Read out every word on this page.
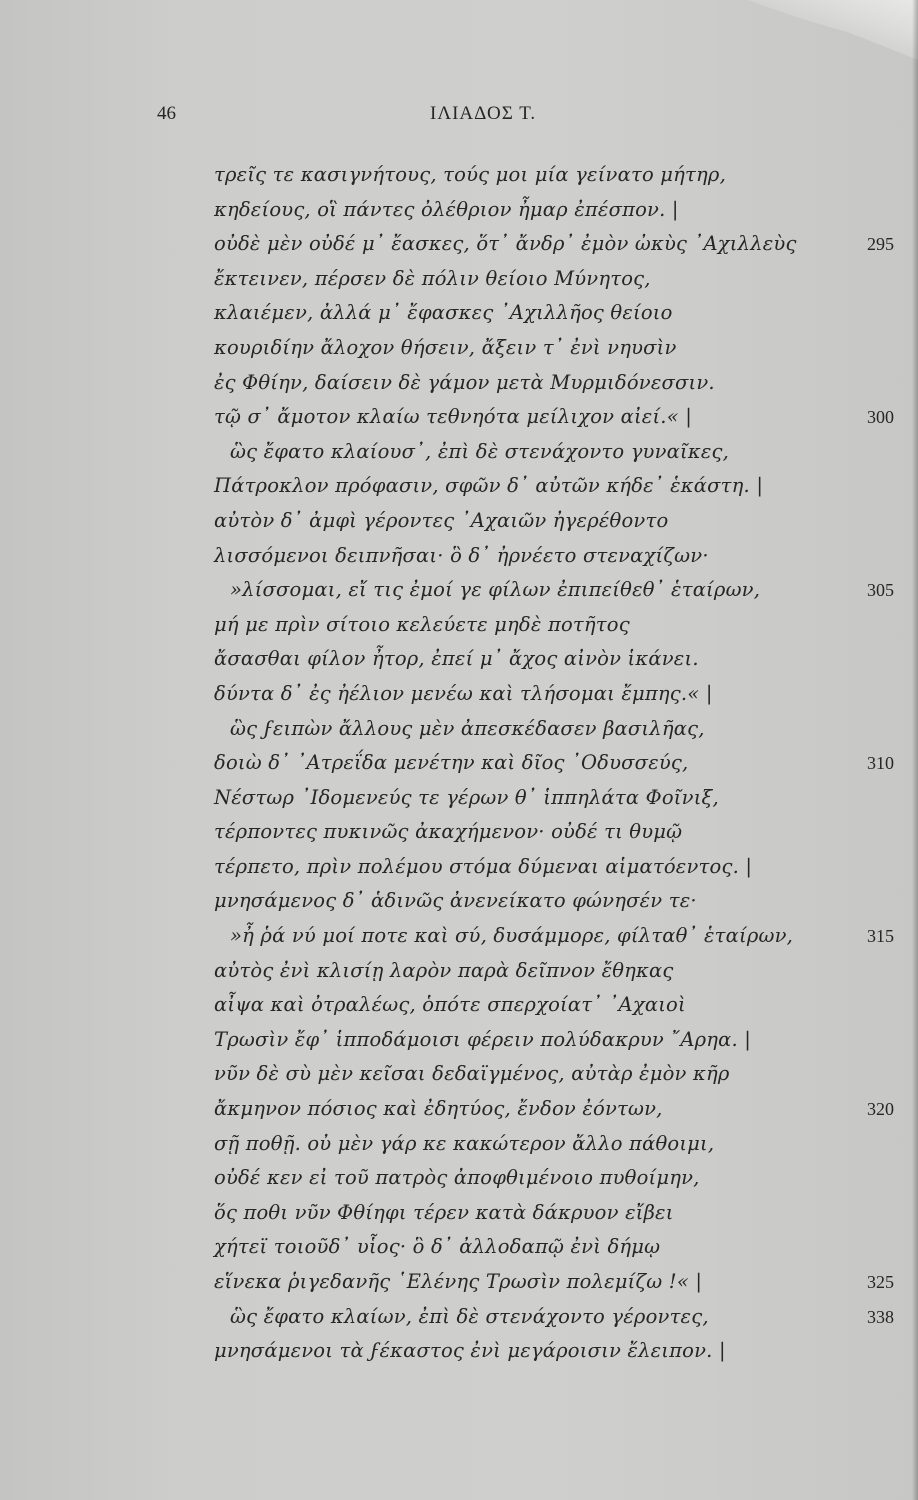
46	ΙΛΙΑΔΟΣ Τ.
τρεῖς τε κασιγνήτους, τούς μοι μία γείνατο μήτηρ,
κηδείους, οἳ πάντες ὀλέθριον ἦμαρ ἐπέσπον. |
οὐδὲ μὲν οὐδέ μ᾽ ἔασκες, ὅτ᾽ ἄνδρ᾽ ἐμὸν ὠκὺς ᾿Αχιλλεὺς	295
ἔκτεινεν, πέρσεν δὲ πόλιν θείοιο Μύνητος,
κλαιέμεν, ἀλλά μ᾽ ἔφασκες ᾿Αχιλλῆος θείοιο
κουριδίην ἄλοχον θήσειν, ἄξειν τ᾽ ἐνὶ νηυσὶν
ἐς Φθίην, δαίσειν δὲ γάμον μετὰ Μυρμιδόνεσσιν.
τῷ σ᾽ ἄμοτον κλαίω τεθνηότα μείλιχον αἰεί.« |	300
ὣς ἔφατο κλαίουσ᾽, ἐπὶ δὲ στενάχοντο γυναῖκες,
Πάτροκλον πρόφασιν, σφῶν δ᾽ αὐτῶν κήδε᾽ ἑκάστη. |
αὐτὸν δ᾽ ἀμφὶ γέροντες ᾿Αχαιῶν ἠγερέθοντο
λισσόμενοι δειπνῆσαι· ὃ δ᾽ ἠρνέετο στεναχίζων·
»λίσσομαι, εἴ τις ἐμοί γε φίλων ἐπιπείθεθ᾽ ἑταίρων,	305
μή με πρὶν σίτοιο κελεύετε μηδὲ ποτῆτος
ἄσασθαι φίλον ἦτορ, ἐπεί μ᾽ ἄχος αἰνὸν ἱκάνει.
δύντα δ᾽ ἐς ἠέλιον μενέω καὶ τλήσομαι ἔμπης.« |
ὣς ϝειπὼν ἄλλους μὲν ἀπεσκέδασεν βασιλῆας,
δοιὼ δ᾽ ᾿Ατρεΐδα μενέτην καὶ δῖος ᾿Οδυσσεύς,	310
Νέστωρ ᾿Ιδομενεύς τε γέρων θ᾽ ἱππηλάτα Φοῖνιξ,
τέρποντες πυκινῶς ἀκαχήμενον· οὐδέ τι θυμῷ
τέρπετο, πρὶν πολέμου στόμα δύμεναι αἱματόεντος. |
μνησάμενος δ᾽ ἁδινῶς ἀνενείκατο φώνησέν τε·
»ἦ ῥά νύ μοί ποτε καὶ σύ, δυσάμμορε, φίλταθ᾽ ἑταίρων,	315
αὐτὸς ἐνὶ κλισίῃ λαρὸν παρὰ δεῖπνον ἔθηκας
αἶψα καὶ ὀτραλέως, ὁπότε σπερχοίατ᾽ ᾿Αχαιοὶ
Τρωσὶν ἔφ᾽ ἱπποδάμοισι φέρειν πολύδακρυν ῎Αρηα. |
νῦν δὲ σὺ μὲν κεῖσαι δεδαϊγμένος, αὐτὰρ ἐμὸν κῆρ
ἄκμηνον πόσιος καὶ ἐδητύος, ἔνδον ἐόντων,	320
σῇ ποθῇ. οὐ μὲν γάρ κε κακώτερον ἄλλο πάθοιμι,
οὐδέ κεν εἰ τοῦ πατρὸς ἀποφθιμένοιο πυθοίμην,
ὅς ποθι νῦν Φθίηφι τέρεν κατὰ δάκρυον εἴβει
χήτεϊ τοιοῦδ᾽ υἷος· ὃ δ᾽ ἀλλοδαπῷ ἐνὶ δήμῳ
εἵνεκα ῥιγεδανῆς ῾Ελένης Τρωσὶν πολεμίζω !« |	325
ὣς ἔφατο κλαίων, ἐπὶ δὲ στενάχοντο γέροντες,	338
μνησάμενοι τὰ ϝέκαστος ἐνὶ μεγάροισιν ἔλειπον. |
